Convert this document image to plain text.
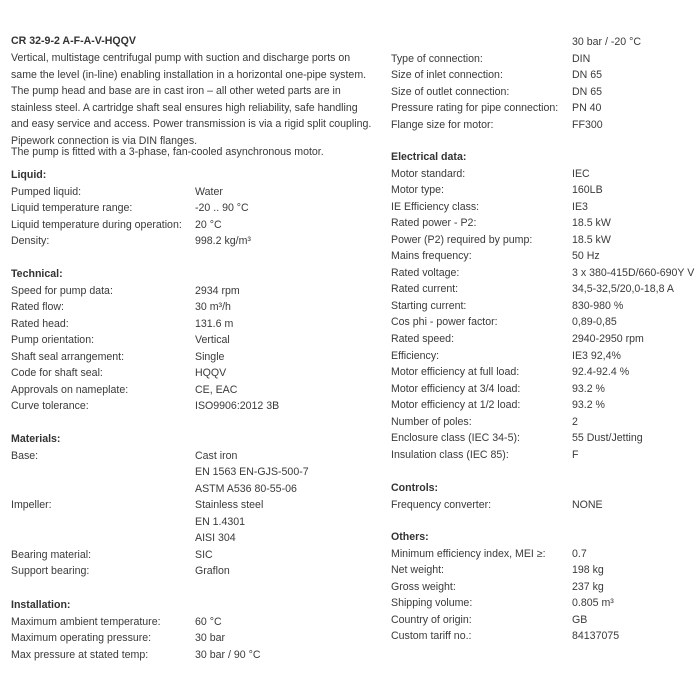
CR 32-9-2 A-F-A-V-HQQV
Vertical, multistage centrifugal pump with suction and discharge ports on same the level (in-line) enabling installation in a horizontal one-pipe system. The pump head and base are in cast iron – all other weted parts are in stainless steel. A cartridge shaft seal ensures high reliability, safe handling and easy service and access. Power transmission is via a rigid split coupling. Pipework connection is via DIN flanges.
The pump is fitted with a 3-phase, fan-cooled asynchronous motor.
Liquid:
Pumped liquid:	Water
Liquid temperature range:	-20 .. 90 °C
Liquid temperature during operation: 20 °C
Density:	998.2 kg/m³
Technical:
Speed for pump data:	2934 rpm
Rated flow:	30 m³/h
Rated head:	131.6 m
Pump orientation:	Vertical
Shaft seal arrangement:	Single
Code for shaft seal:	HQQV
Approvals on nameplate:	CE, EAC
Curve tolerance:	ISO9906:2012 3B
Materials:
Base:	Cast iron
EN 1563 EN-GJS-500-7
ASTM A536 80-55-06
Impeller:	Stainless steel
EN 1.4301
AISI 304
Bearing material:	SIC
Support bearing:	Graflon
Installation:
Maximum ambient temperature:	60 °C
Maximum operating pressure:	30 bar
Max pressure at stated temp:	30 bar / 90 °C
30 bar / -20 °C
Type of connection:	DIN
Size of inlet connection:	DN 65
Size of outlet connection:	DN 65
Pressure rating for pipe connection: PN 40
Flange size for motor:	FF300
Electrical data:
Motor standard:	IEC
Motor type:	160LB
IE Efficiency class:	IE3
Rated power - P2:	18.5 kW
Power (P2) required by pump:	18.5 kW
Mains frequency:	50 Hz
Rated voltage:	3 x 380-415D/660-690Y V
Rated current:	34,5-32,5/20,0-18,8 A
Starting current:	830-980 %
Cos phi - power factor:	0,89-0,85
Rated speed:	2940-2950 rpm
Efficiency:	IE3 92,4%
Motor efficiency at full load:	92.4-92.4 %
Motor efficiency at 3/4 load:	93.2 %
Motor efficiency at 1/2 load:	93.2 %
Number of poles:	2
Enclosure class (IEC 34-5):	55 Dust/Jetting
Insulation class (IEC 85):	F
Controls:
Frequency converter:	NONE
Others:
Minimum efficiency index, MEI ≥: 0.7
Net weight:	198 kg
Gross weight:	237 kg
Shipping volume:	0.805 m³
Country of origin:	GB
Custom tariff no.:	84137075
